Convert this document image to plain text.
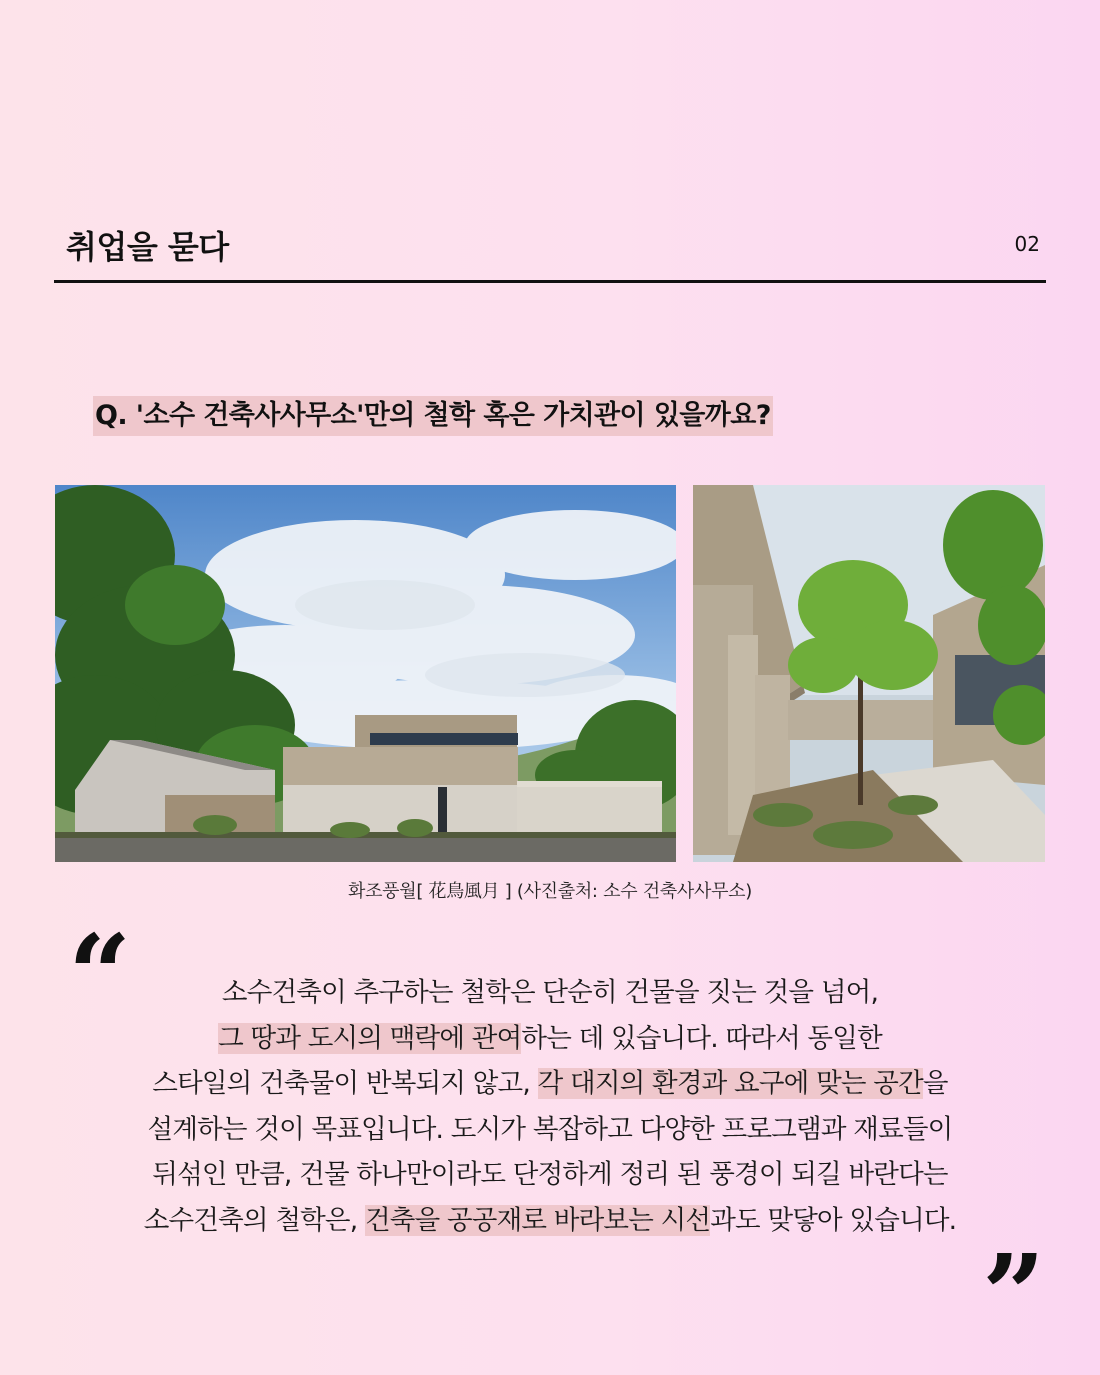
취업을 묻다	02
Q. '소수 건축사사무소'만의 철학 혹은 가치관이 있을까요?
화조풍월[ 花鳥風月 ] (사진출처: 소수 건축사사무소)
“	소수건축이 추구하는 철학은 단순히 건물을 짓는 것을 넘어,
그 땅과 도시의 맥락에 관여하는 데 있습니다. 따라서 동일한
스타일의 건축물이 반복되지 않고, 각 대지의 환경과 요구에 맞는 공간을
설계하는 것이 목표입니다. 도시가 복잡하고 다양한 프로그램과 재료들이
뒤섞인 만큼, 건물 하나만이라도 단정하게 정리 된 풍경이 되길 바란다는
소수건축의 철학은, 건축을 공공재로 바라보는 시선과도 맞닿아 있습니다.
”
